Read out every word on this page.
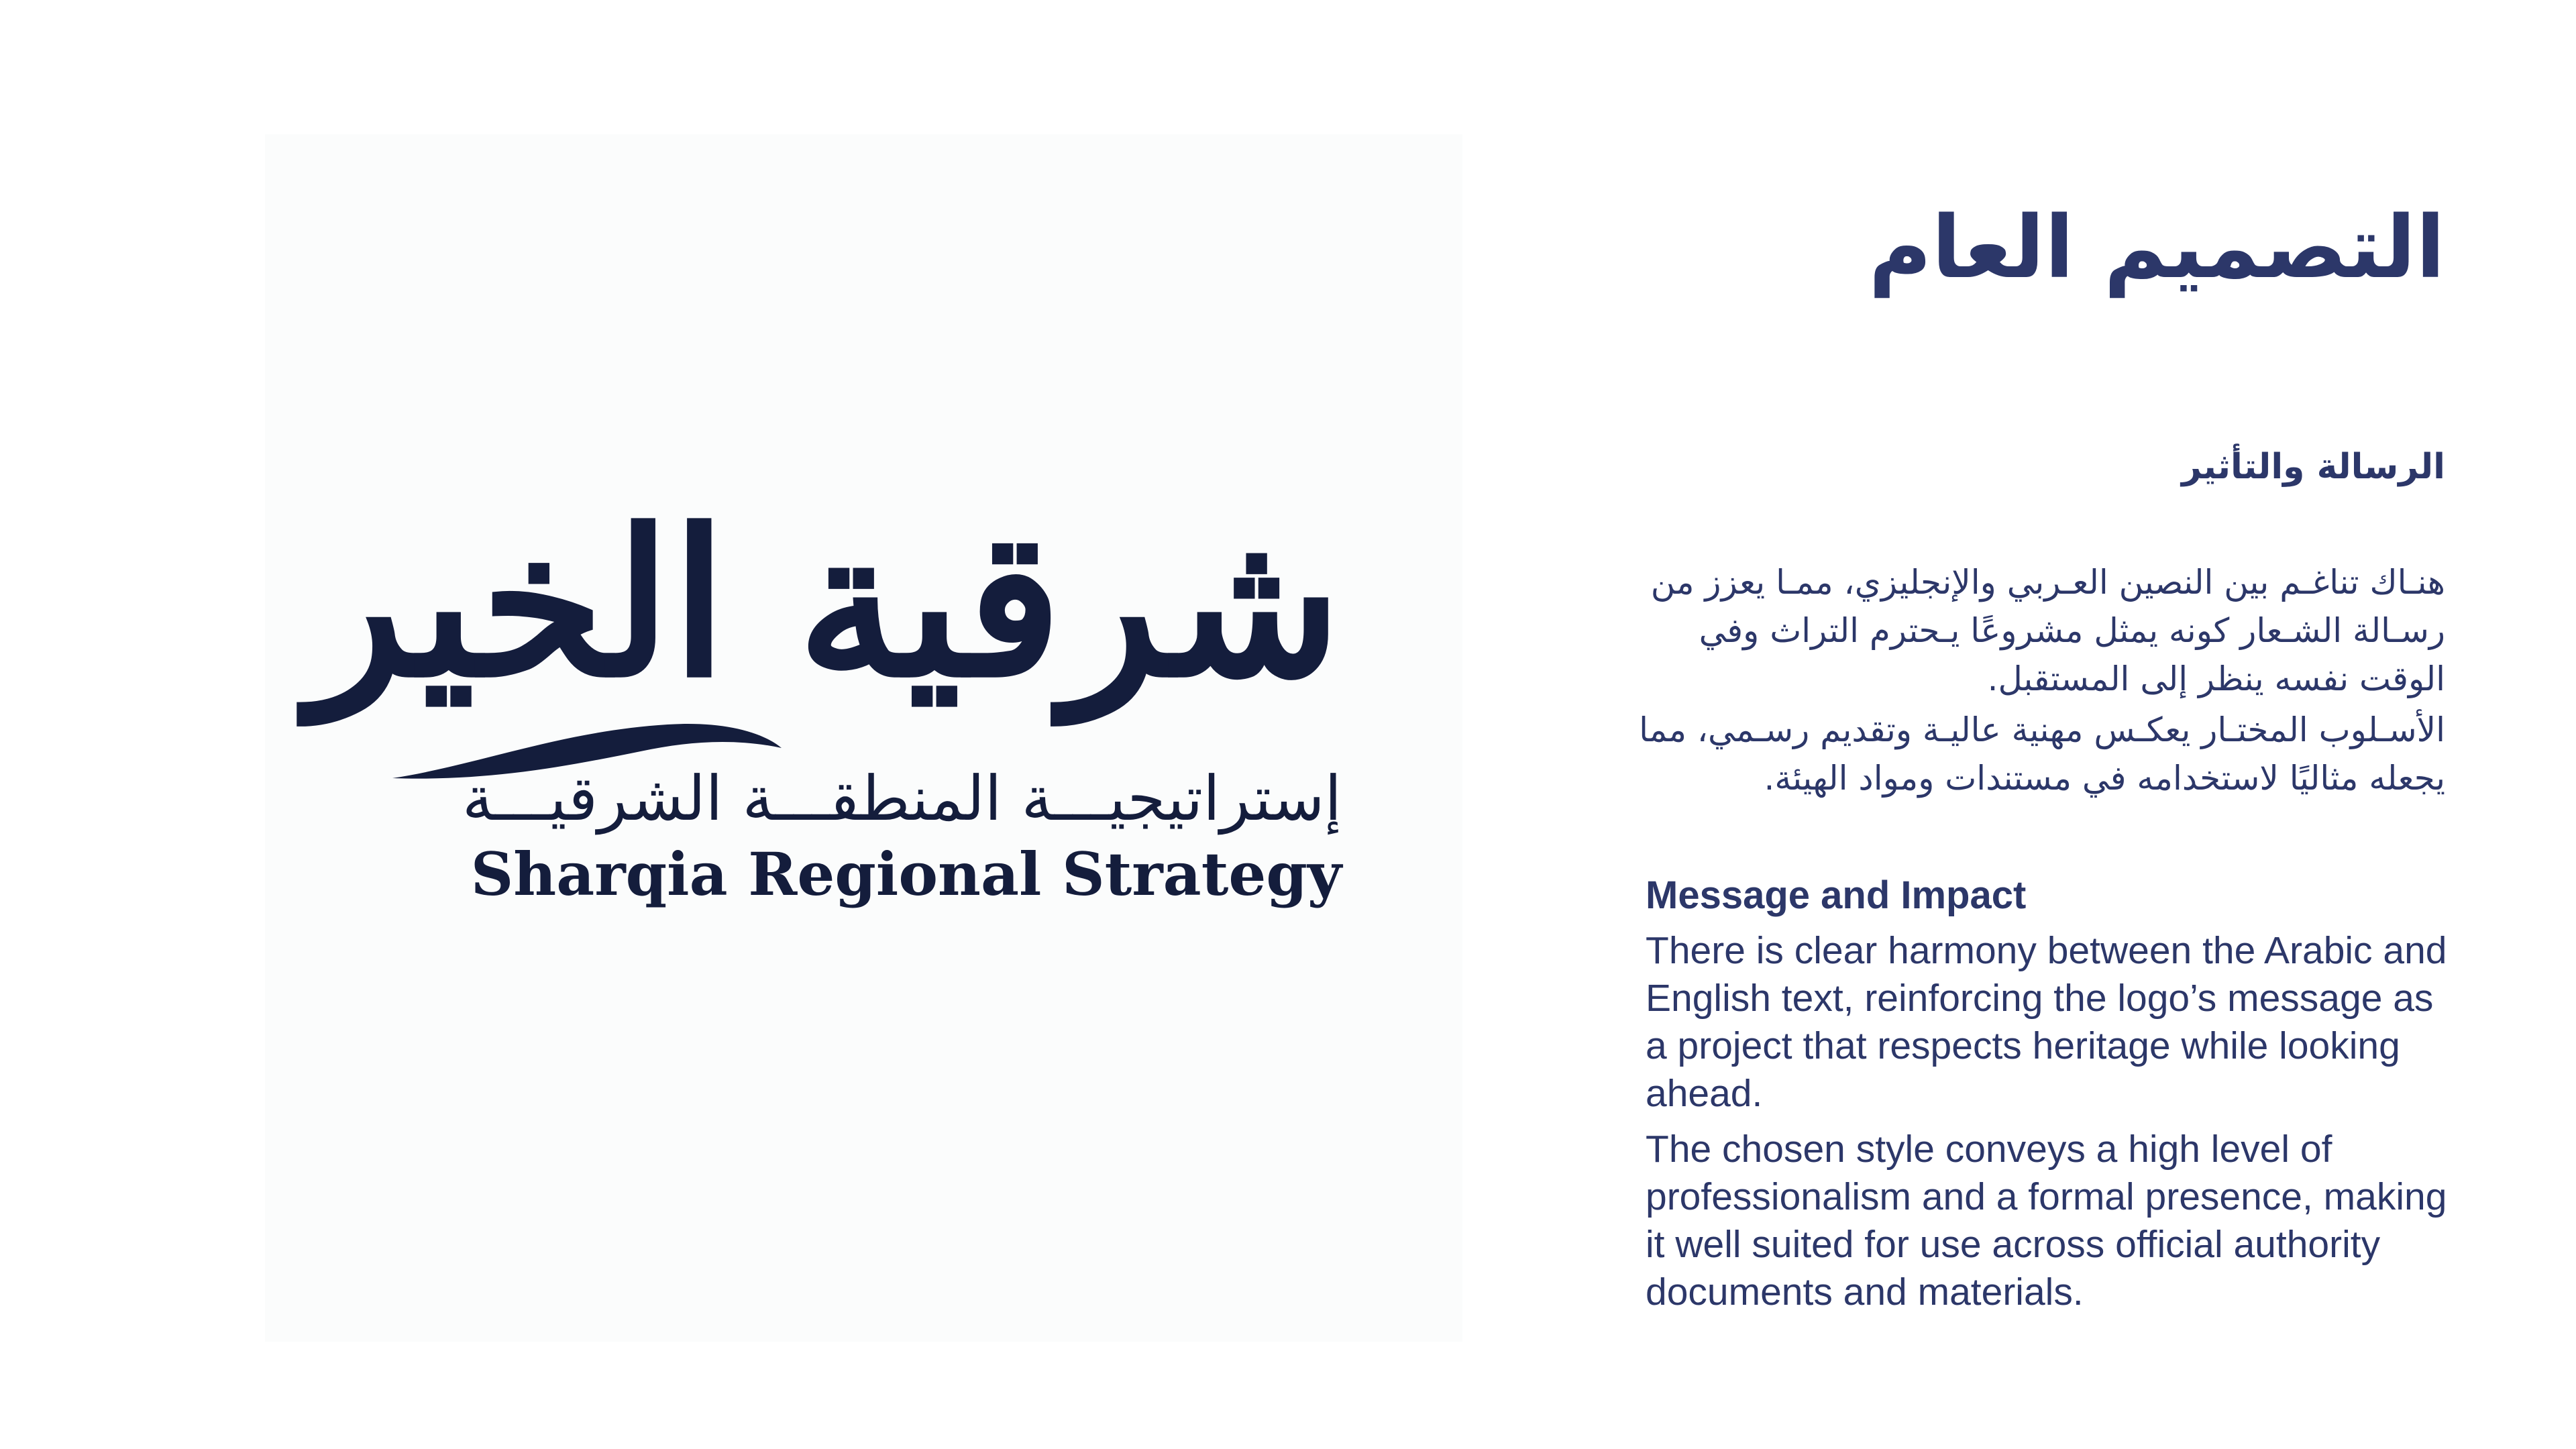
شرقية الخير
إستراتيجيـــة المنطقـــة الشرقيـــة
Sharqia Regional Strategy
التصميم العام
الرسالة والتأثير

هنـاك تناغـم بين النصين العـربي والإنجليزي، ممـا يعزز من رسـالة الشـعار كونه يمثل مشروعًا يـحترم التراث وفي الوقت نفسه ينظر إلى المستقبل.

الأسـلوب المختـار يعكـس مهنية عاليـة وتقديم رسـمي، مما يجعله مثاليًا لاستخدامه في مستندات ومواد الهيئة.

Message and Impact

There is clear harmony between the Arabic and English text, reinforcing the logo’s message as a project that respects heritage while looking ahead.

The chosen style conveys a high level of professionalism and a formal presence, making it well suited for use across official authority documents and materials.
